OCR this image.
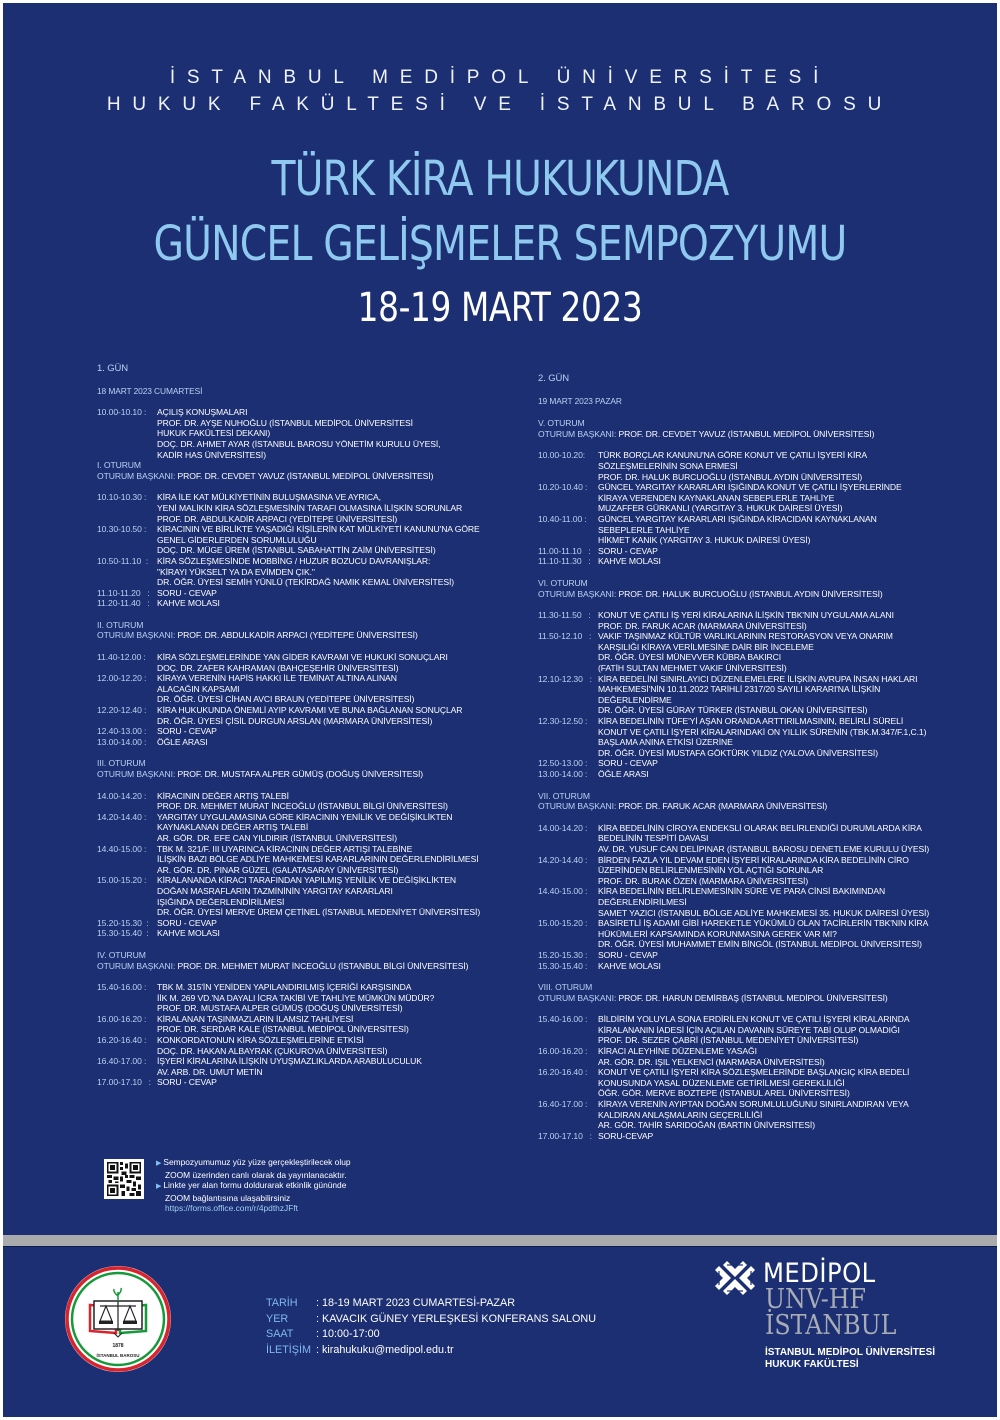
İSTANBUL MEDİPOL ÜNİVERSİTESİ
HUKUK FAKÜLTESİ VE İSTANBUL BAROSU
TÜRK KİRA HUKUKUNDA
GÜNCEL GELİŞMELER SEMPOZYUMU
18-19 MART 2023
1. GÜN
18 MART 2023 CUMARTESİ
10.00-10.10 : AÇILIŞ KONUŞMALARI
PROF. DR. AYŞE NUHOĞLU (İSTANBUL MEDİPOL ÜNİVERSİTESİ
HUKUK FAKÜLTESİ DEKANI)
DOÇ. DR. AHMET AYAR (İSTANBUL BAROSU YÖNETİM KURULU ÜYESİ,
KADİR HAS ÜNİVERSİTESİ)
I. OTURUM
OTURUM BAŞKANI: PROF. DR. CEVDET YAVUZ (İSTANBUL MEDİPOL ÜNİVERSİTESİ)
10.10-10.30 : KİRA İLE KAT MÜLKİYETİNİN BULUŞMASINA VE AYRICA,
YENİ MALİKİN KİRA SÖZLEŞMESİNİN TARAFI OLMASINA İLİŞKİN SORUNLAR
PROF. DR. ABDULKADİR ARPACI (YEDİTEPE ÜNİVERSİTESİ)
10.30-10.50 : KİRACININ VE BİRLİKTE YAŞADIĞI KİŞİLERİN KAT MÜLKİYETİ KANUNU'NA GÖRE
GENEL GİDERLERDEN SORUMLULUĞU
DOÇ. DR. MÜGE ÜREM (İSTANBUL SABAHATTİN ZAİM ÜNİVERSİTESİ)
10.50-11.10  : KİRA SÖZLEŞMESİNDE MOBBİNG / HUZUR BOZUCU DAVRANIŞLAR:
"KİRAYI YÜKSELT YA DA EVİMDEN ÇIK."
DR. ÖĞR. ÜYESİ SEMİH YÜNLÜ (TEKİRDAĞ NAMIK KEMAL ÜNİVERSİTESİ)
11.10-11.20   : SORU - CEVAP
11.20-11.40   : KAHVE MOLASI
II. OTURUM
OTURUM BAŞKANI: PROF. DR. ABDULKADİR ARPACI (YEDİTEPE ÜNİVERSİTESİ)
11.40-12.00 :	KİRA SÖZLEŞMELERİNDE YAN GİDER KAVRAMI VE HUKUKİ SONUÇLARI
DOÇ. DR. ZAFER KAHRAMAN (BAHÇEŞEHİR ÜNİVERSİTESİ)
12.00-12.20 : KİRAYA VERENİN HAPİS HAKKI İLE TEMİNAT ALTINA ALINAN
ALACAĞIN KAPSAMI
DR. ÖĞR. ÜYESİ CİHAN AVCI BRAUN (YEDİTEPE ÜNİVERSİTESİ)
12.20-12.40 : KİRA HUKUKUNDA ÖNEMLİ AYIP KAVRAMI VE BUNA BAĞLANAN SONUÇLAR
DR. ÖĞR. ÜYESİ ÇİSİL DURGUN ARSLAN (MARMARA ÜNİVERSİTESİ)
12.40-13.00 : SORU - CEVAP
13.00-14.00 : ÖĞLE ARASI
III. OTURUM
OTURUM BAŞKANI: PROF. DR. MUSTAFA ALPER GÜMÜŞ (DOĞUŞ ÜNİVERSİTESİ)
14.00-14.20 : KİRACININ DEĞER ARTIŞ TALEBİ
PROF. DR. MEHMET MURAT İNCEOĞLU (İSTANBUL BİLGİ ÜNİVERSİTESİ)
14.20-14.40 : YARGITAY UYGULAMASINA GÖRE KİRACININ YENİLİK VE DEĞİŞİKLİKTEN
KAYNAKLANAN DEĞER ARTIŞ TALEBİ
AR. GÖR. DR. EFE CAN YILDIRIR (İSTANBUL ÜNİVERSİTESİ)
14.40-15.00 : TBK M. 321/F. III UYARINCA KİRACININ DEĞER ARTIŞI TALEBİNE
İLİŞKİN BAZI BÖLGE ADLİYE MAHKEMESİ KARARLARININ DEĞERLENDİRİLMESİ
AR. GÖR. DR. PINAR GÜZEL (GALATASARAY ÜNİVERSİTESİ)
15.00-15.20 : KİRALANANDA KİRACI TARAFINDAN YAPILMIŞ YENİLİK VE DEĞİŞİKLİKTEN
DOĞAN MASRAFLARIN TAZMİNİNİN YARGITAY KARARLARI
IŞIĞINDA DEĞERLENDİRİLMESİ
DR. ÖĞR. ÜYESİ MERVE ÜREM ÇETİNEL (İSTANBUL MEDENİYET ÜNİVERSİTESİ)
15.20-15.30  : SORU - CEVAP
15.30-15.40  : KAHVE MOLASI
IV. OTURUM
OTURUM BAŞKANI: PROF. DR. MEHMET MURAT İNCEOĞLU (İSTANBUL BİLGİ ÜNİVERSİTESİ)
15.40-16.00 : TBK M. 315'İN YENİDEN YAPILANDIRILMIŞ İÇERİĞİ KARŞISINDA
İİK M. 269 VD.'NA DAYALI İCRA TAKİBİ VE TAHLİYE MÜMKÜN MÜDÜR?
PROF. DR. MUSTAFA ALPER GÜMÜŞ (DOĞUŞ ÜNİVERSİTESİ)
16.00-16.20 : KİRALANAN TAŞINMAZLARIN İLAMSIZ TAHLİYESİ
PROF. DR. SERDAR KALE (İSTANBUL MEDİPOL ÜNİVERSİTESİ)
16.20-16.40 : KONKORDATONUN KİRA SÖZLEŞMELERİNE ETKİSİ
DOÇ. DR. HAKAN ALBAYRAK (ÇUKUROVA ÜNİVERSİTESİ)
16.40-17.00 : İŞYERİ KİRALARINA İLİŞKİN UYUŞMAZLIKLARDA ARABULUCULUK
AV. ARB. DR. UMUT METİN
17.00-17.10   : SORU - CEVAP
2. GÜN
19 MART 2023 PAZAR
V. OTURUM
OTURUM BAŞKANI: PROF. DR. CEVDET YAVUZ (İSTANBUL MEDİPOL ÜNİVERSİTESİ)
10.00-10.20:	TÜRK BORÇLAR KANUNU'NA GÖRE KONUT VE ÇATILI İŞYERİ KİRA
SÖZLEŞMELERİNİN SONA ERMESİ
PROF. DR. HALUK BURCUOĞLU (İSTANBUL AYDIN ÜNİVERSİTESİ)
10.20-10.40 : GÜNCEL YARGITAY KARARLARI IŞIĞINDA KONUT VE ÇATILI İŞYERLERİNDE
KİRAYA VERENDEN KAYNAKLANAN SEBEPLERLE TAHLİYE
MUZAFFER GÜRKANLI (YARGITAY 3. HUKUK DAİRESİ ÜYESİ)
10.40-11.00 :	GÜNCEL YARGITAY KARARLARI IŞIĞINDA KİRACIDAN KAYNAKLANAN
SEBEPLERLE TAHLİYE
HİKMET KANIK (YARGITAY 3. HUKUK DAİRESİ ÜYESİ)
11.00-11.10   : SORU - CEVAP
11.10-11.30   : KAHVE MOLASI
VI. OTURUM
OTURUM BAŞKANI: PROF. DR. HALUK BURCUOĞLU (İSTANBUL AYDIN ÜNİVERSİTESİ)
11.30-11.50   : KONUT VE ÇATILI İŞ YERİ KİRALARINA İLİŞKİN TBK'NIN UYGULAMA ALANI
PROF. DR. FARUK ACAR (MARMARA ÜNİVERSİTESİ)
11.50-12.10   : VAKIF TAŞINMAZ KÜLTÜR VARLIKLARININ RESTORASYON VEYA ONARIM
KARŞILIĞI KİRAYA VERİLMESİNE DAİR BİR İNCELEME
DR. ÖĞR. ÜYESİ MÜNEVVER KÜBRA BAKIRCI
(FATİH SULTAN MEHMET VAKIF ÜNİVERSİTESİ)
12.10-12.30   : KİRA BEDELİNİ SINIRLAYICI DÜZENLEMELERE İLİŞKİN AVRUPA İNSAN HAKLARI
MAHKEMESİ'NİN 10.11.2022 TARİHLİ 2317/20 SAYILI KARARI'NA İLİŞKİN
DEĞERLENDİRME
DR. ÖĞR. ÜYESİ GÜRAY TÜRKER (İSTANBUL OKAN ÜNİVERSİTESİ)
12.30-12.50 : KİRA BEDELİNİN TÜFE'Yİ AŞAN ORANDA ARTTIRILMASININ, BELİRLİ SÜRELİ
KONUT VE ÇATILI İŞYERİ KİRALARINDAKİ ON YILLIK SÜRENİN (TBK.M.347/F.1,C.1)
BAŞLAMA ANINA ETKİSİ ÜZERİNE
DR. ÖĞR. ÜYESİ MUSTAFA GÖKTÜRK YILDIZ (YALOVA ÜNİVERSİTESİ)
12.50-13.00 : SORU - CEVAP
13.00-14.00 : ÖĞLE ARASI
VII. OTURUM
OTURUM BAŞKANI: PROF. DR. FARUK ACAR (MARMARA ÜNİVERSİTESİ)
14.00-14.20 : KİRA BEDELİNİN CİROYA ENDEKSLİ OLARAK BELİRLENDİĞİ DURUMLARDA KİRA
BEDELİNİN TESPİTİ DAVASI
AV. DR. YUSUF CAN DELİPINAR (İSTANBUL BAROSU DENETLEME KURULU ÜYESİ)
14.20-14.40 : BİRDEN FAZLA YIL DEVAM EDEN İŞYERİ KİRALARINDA KİRA BEDELİNİN CİRO
ÜZERİNDEN BELİRLENMESİNİN YOL AÇTIĞI SORUNLAR
PROF. DR. BURAK ÖZEN (MARMARA ÜNİVERSİTESİ)
14.40-15.00 : KİRA BEDELİNİN BELİRLENMESİNİN SÜRE VE PARA CİNSİ BAKIMINDAN
DEĞERLENDİRİLMESİ
SAMET YAZICI (İSTANBUL BÖLGE ADLİYE MAHKEMESİ 35. HUKUK DAİRESİ ÜYESİ)
15.00-15.20 : BASİRETLİ İŞ ADAMI GİBİ HAREKETLE YÜKÜMLÜ OLAN TACİRLERİN TBK'NIN KİRA
HÜKÜMLERİ KAPSAMINDA KORUNMASINA GEREK VAR MI?
DR. ÖĞR. ÜYESİ MUHAMMET EMİN BİNGÖL (İSTANBUL MEDİPOL ÜNİVERSİTESİ)
15.20-15.30 : SORU - CEVAP
15.30-15.40 : KAHVE MOLASI
VIII. OTURUM
OTURUM BAŞKANI: PROF. DR. HARUN DEMİRBAŞ (İSTANBUL MEDİPOL ÜNİVERSİTESİ)
15.40-16.00 : BİLDİRİM YOLUYLA SONA ERDİRİLEN KONUT VE ÇATILI İŞYERİ KİRALARINDA
KİRALANANIN İADESİ İÇİN AÇILAN DAVANIN SÜREYE TABİ OLUP OLMADIĞI
PROF. DR. SEZER ÇABRİ (İSTANBUL MEDENİYET ÜNİVERSİTESİ)
16.00-16.20 : KİRACI ALEYHİNE DÜZENLEME YASAĞI
AR. GÖR. DR. IŞIL YELKENCİ (MARMARA ÜNİVERSİTESİ)
16.20-16.40 : KONUT VE ÇATILI İŞYERİ KİRA SÖZLEŞMELERİNDE BAŞLANGIÇ KİRA BEDELİ
KONUSUNDA YASAL DÜZENLEME GETİRİLMESİ GEREKLİLİĞİ
ÖĞR. GÖR. MERVE BOZTEPE (İSTANBUL AREL ÜNİVERSİTESİ)
16.40-17.00 : KİRAYA VERENİN AYIPTAN DOĞAN SORUMLULUĞUNU SINIRLANDIRAN VEYA
KALDIRAN ANLAŞMALARIN GEÇERLİLİĞİ
AR. GÖR. TAHİR SARIDOĞAN (BARTIN ÜNİVERSİTESİ)
17.00-17.10   : SORU-CEVAP
▶ Sempozyumumuz yüz yüze gerçekleştirilecek olup
ZOOM üzerinden canlı olarak da yayınlanacaktır.
▶ Linkte yer alan formu doldurarak etkinlik gününde
ZOOM bağlantısına ulaşabilirsiniz
https://forms.office.com/r/4pdthzJFft
1878
İSTANBUL BAROSU
TARİH	: 18-19 MART 2023 CUMARTESİ-PAZAR
YER	: KAVACIK GÜNEY YERLEŞKESİ KONFERANS SALONU
SAAT	: 10:00-17:00
İLETİŞİM : kirahukuku@medipol.edu.tr
MEDİPOL
UNV-HF
İSTANBUL
İSTANBUL MEDİPOL ÜNİVERSİTESİ
HUKUK FAKÜLTESİ
